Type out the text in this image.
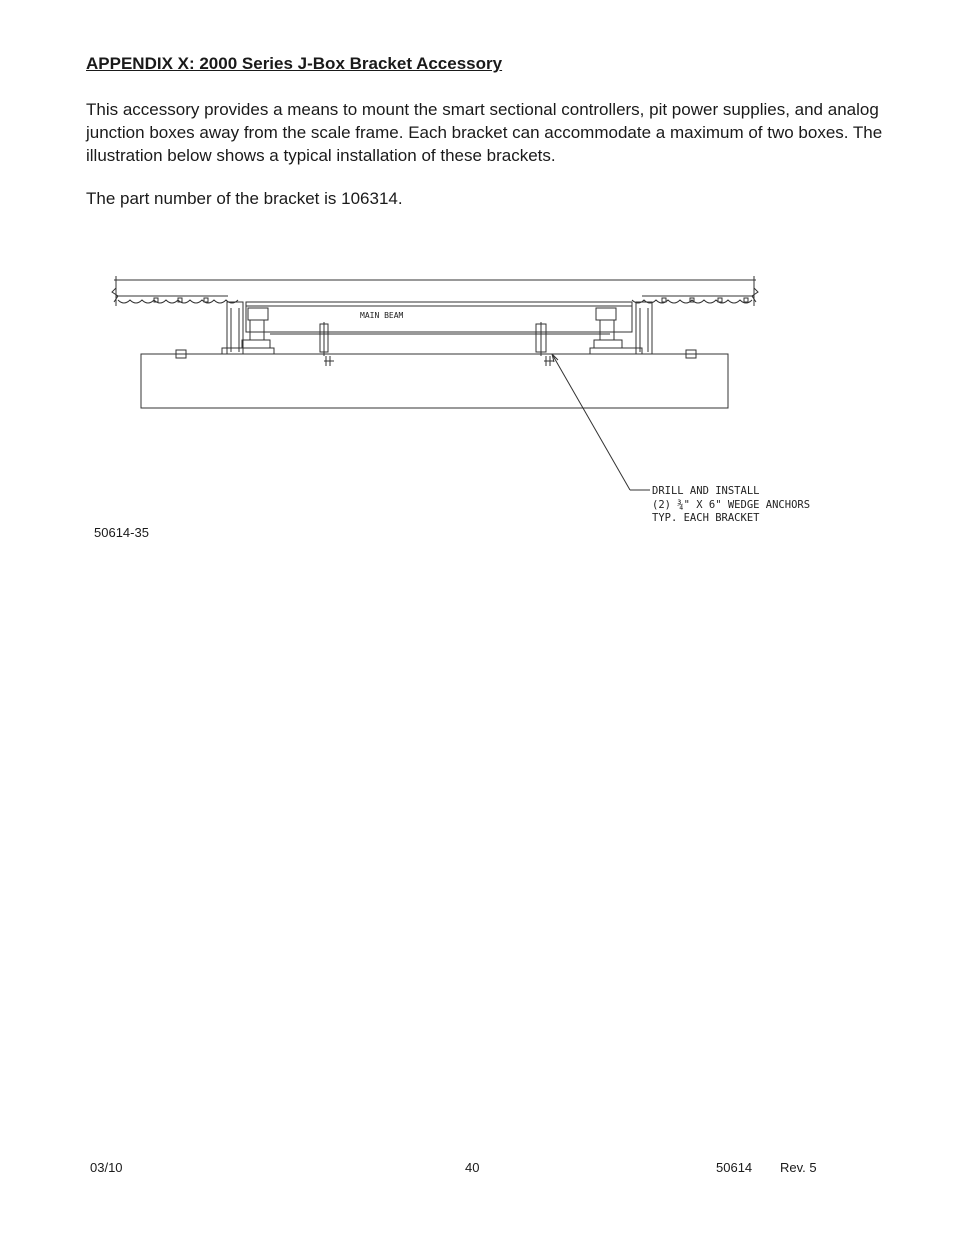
APPENDIX X: 2000 Series J-Box Bracket Accessory

This accessory provides a means to mount the smart sectional controllers, pit power supplies, and analog junction boxes away from the scale frame. Each bracket can accommodate a maximum of two boxes. The illustration below shows a typical installation of these brackets.

The part number of the bracket is 106314.

MAIN BEAM
DRILL AND INSTALL
(2) ¾" X 6" WEDGE ANCHORS
TYP. EACH BRACKET

50614-35

03/10	40	50614 Rev. 5
